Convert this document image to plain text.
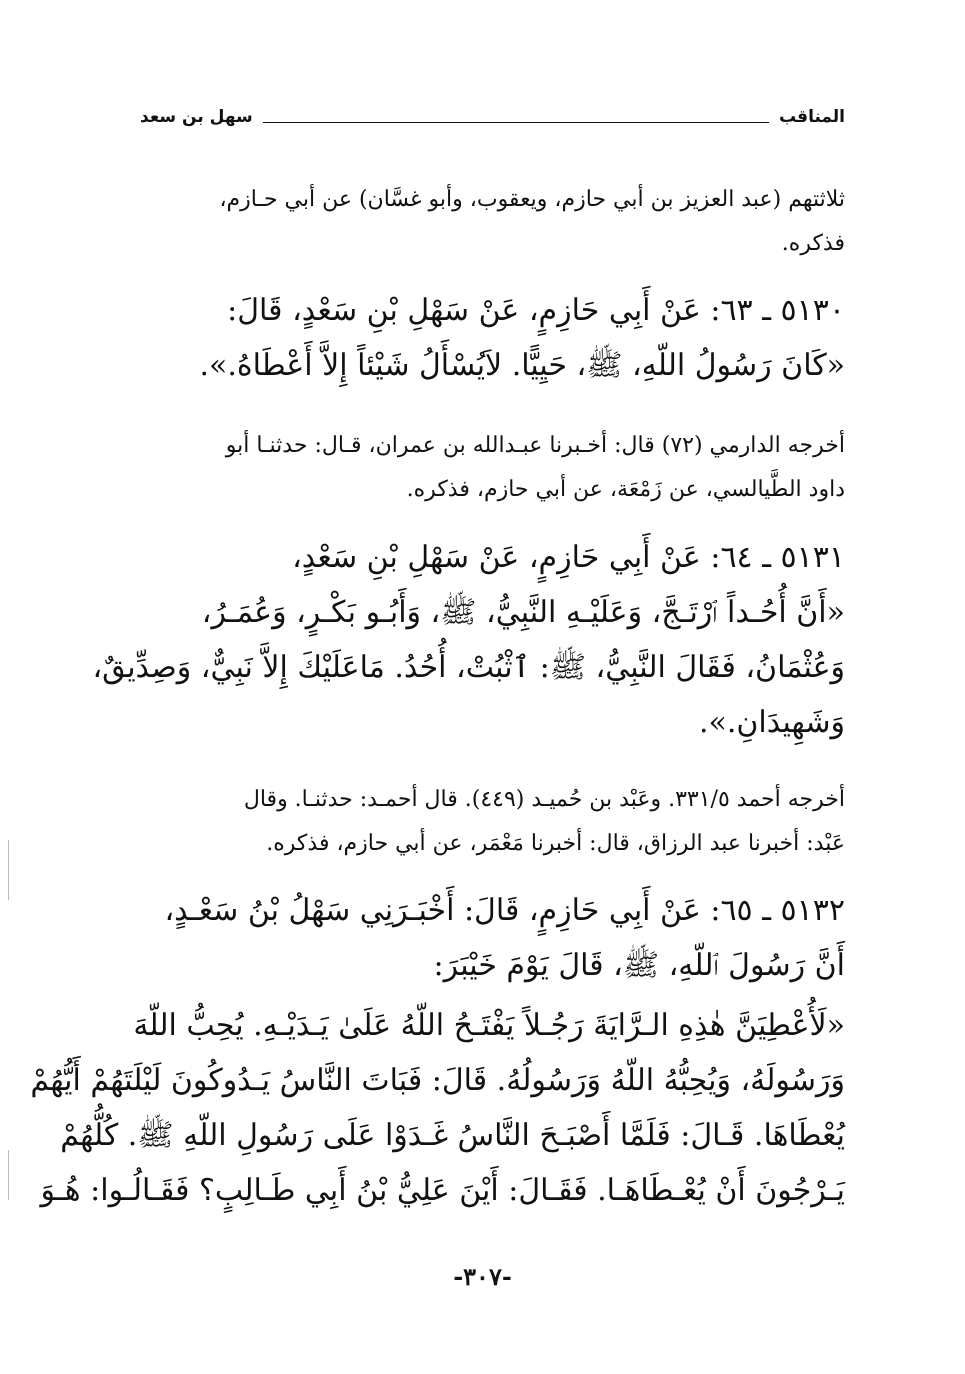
المناقب
سهل بن سعد
ثلاثتهم (عبد العزيز بن أبي حازم، ويعقوب، وأبو غسَّان) عن أبي حـازم،
فذكره.
٥١٣٠ ـ ٦٣: عَنْ أَبِي حَازِمٍ، عَنْ سَهْلِ بْنِ سَعْدٍ، قَالَ:
«كَانَ رَسُولُ اللّهِ، ﷺ، حَيِيًّا. لاَيُسْأَلُ شَيْئاً إِلاَّ أَعْطَاهُ.».
أخرجه الدارمي (٧٢) قال: أخـبرنا عبـدالله بن عمران، قـال: حدثنـا أبو
داود الطَّيالسي، عن زَمْعَة، عن أبي حازم، فذكره.
٥١٣١ ـ ٦٤: عَنْ أَبِي حَازِمٍ، عَنْ سَهْلِ بْنِ سَعْدٍ،
«أَنَّ أُحُـداً ٱرْتَـجَّ، وَعَلَيْـهِ النَّبِيُّ، ﷺ، وَأَبُـو بَكْـرٍ، وَعُمَـرُ،
وَعُثْمَانُ، فَقَالَ النَّبِيُّ، ﷺ: ٱثْبُتْ، أُحُدُ. مَاعَلَيْكَ إِلاَّ نَبِيٌّ، وَصِدِّيقٌ،
وَشَهِيدَانِ.».
أخرجه أحمد ٣٣١/٥. وعَبْد بن حُميـد (٤٤٩). قال أحمـد: حدثنـا. وقال
عَبْد: أخبرنا عبد الرزاق، قال: أخبرنا مَعْمَر، عن أبي حازم، فذكره.
٥١٣٢ ـ ٦٥: عَنْ أَبِي حَازِمٍ، قَالَ: أَخْبَـرَنِي سَهْلُ بْنُ سَعْـدٍ،
أَنَّ رَسُولَ ٱللّهِ، ﷺ، قَالَ يَوْمَ خَيْبَرَ:
«لَأُعْطِيَنَّ هٰذِهِ الـرَّايَةَ رَجُـلاً يَفْتَـحُ اللّهُ عَلَىٰ يَـدَيْـهِ. يُحِبُّ اللّهَ
وَرَسُولَهُ، وَيُحِبُّهُ اللّهُ وَرَسُولُهُ. قَالَ: فَبَاتَ النَّاسُ يَـدُوكُونَ لَيْلَتَهُمْ أَيُّهُمْ
يُعْطَاهَا. قَـالَ: فَلَمَّا أَصْبَـحَ النَّاسُ غَـدَوْا عَلَى رَسُولِ اللّهِ ﷺ. كُلُّهُمْ
يَـرْجُونَ أَنْ يُعْـطَاهَـا. فَقَـالَ: أَيْنَ عَلِيُّ بْنُ أَبِي طَـالِبٍ؟ فَقَـالُـوا: هُـوَ
-٣٠٧-
